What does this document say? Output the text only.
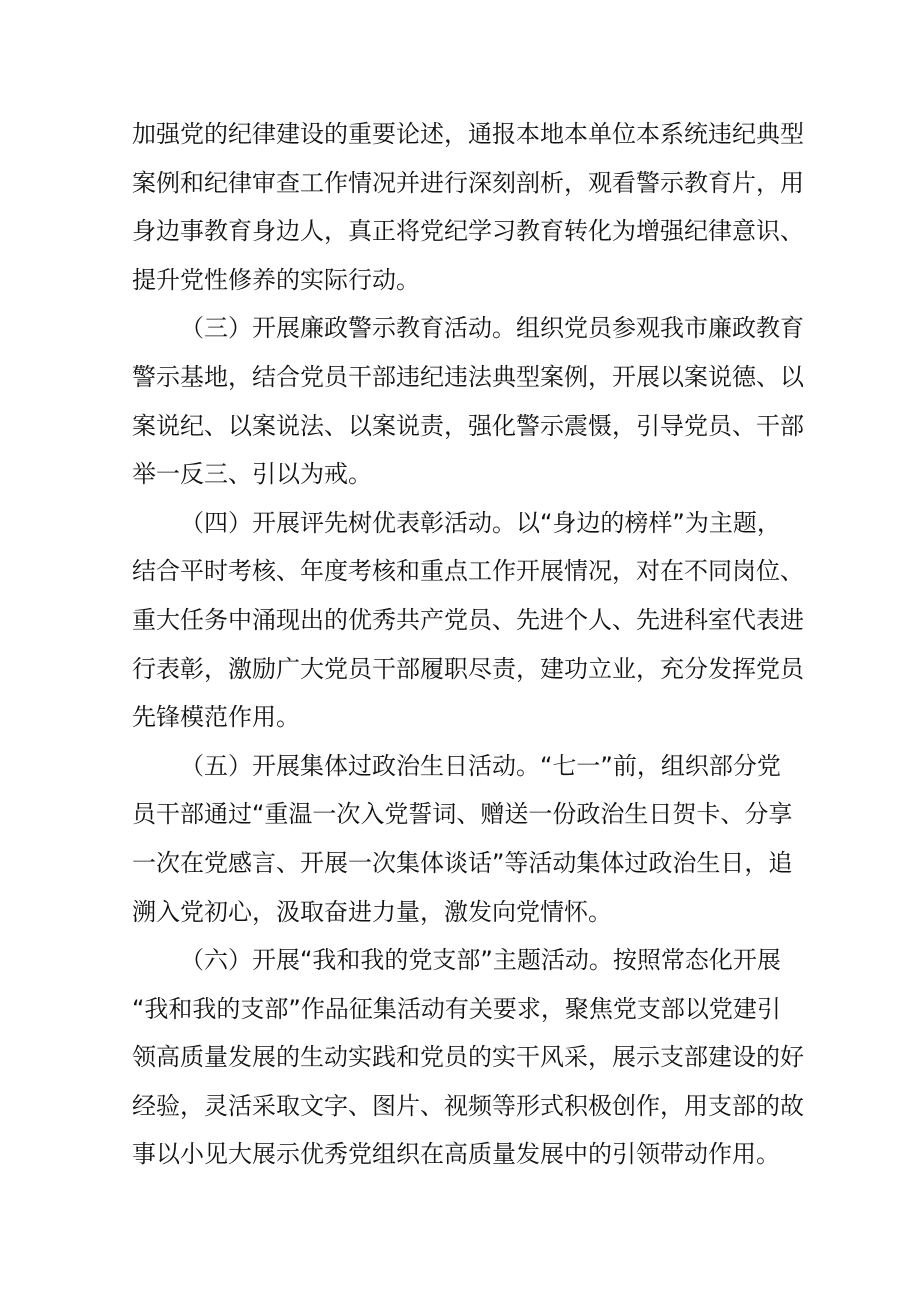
加强党的纪律建设的重要论述，通报本地本单位本系统违纪典型
案例和纪律审查工作情况并进行深刻剖析，观看警示教育片，用
身边事教育身边人，真正将党纪学习教育转化为增强纪律意识、
提升党性修养的实际行动。
（三）开展廉政警示教育活动。组织党员参观我市廉政教育
警示基地，结合党员干部违纪违法典型案例，开展以案说德、以
案说纪、以案说法、以案说责，强化警示震慑，引导党员、干部
举一反三、引以为戒。
（四）开展评先树优表彰活动。以“身边的榜样”为主题，
结合平时考核、年度考核和重点工作开展情况，对在不同岗位、
重大任务中涌现出的优秀共产党员、先进个人、先进科室代表进
行表彰，激励广大党员干部履职尽责，建功立业，充分发挥党员
先锋模范作用。
（五）开展集体过政治生日活动。“七一”前，组织部分党
员干部通过“重温一次入党誓词、赠送一份政治生日贺卡、分享
一次在党感言、开展一次集体谈话”等活动集体过政治生日，追
溯入党初心，汲取奋进力量，激发向党情怀。
（六）开展“我和我的党支部”主题活动。按照常态化开展
“我和我的支部”作品征集活动有关要求，聚焦党支部以党建引
领高质量发展的生动实践和党员的实干风采，展示支部建设的好
经验，灵活采取文字、图片、视频等形式积极创作，用支部的故
事以小见大展示优秀党组织在高质量发展中的引领带动作用。
